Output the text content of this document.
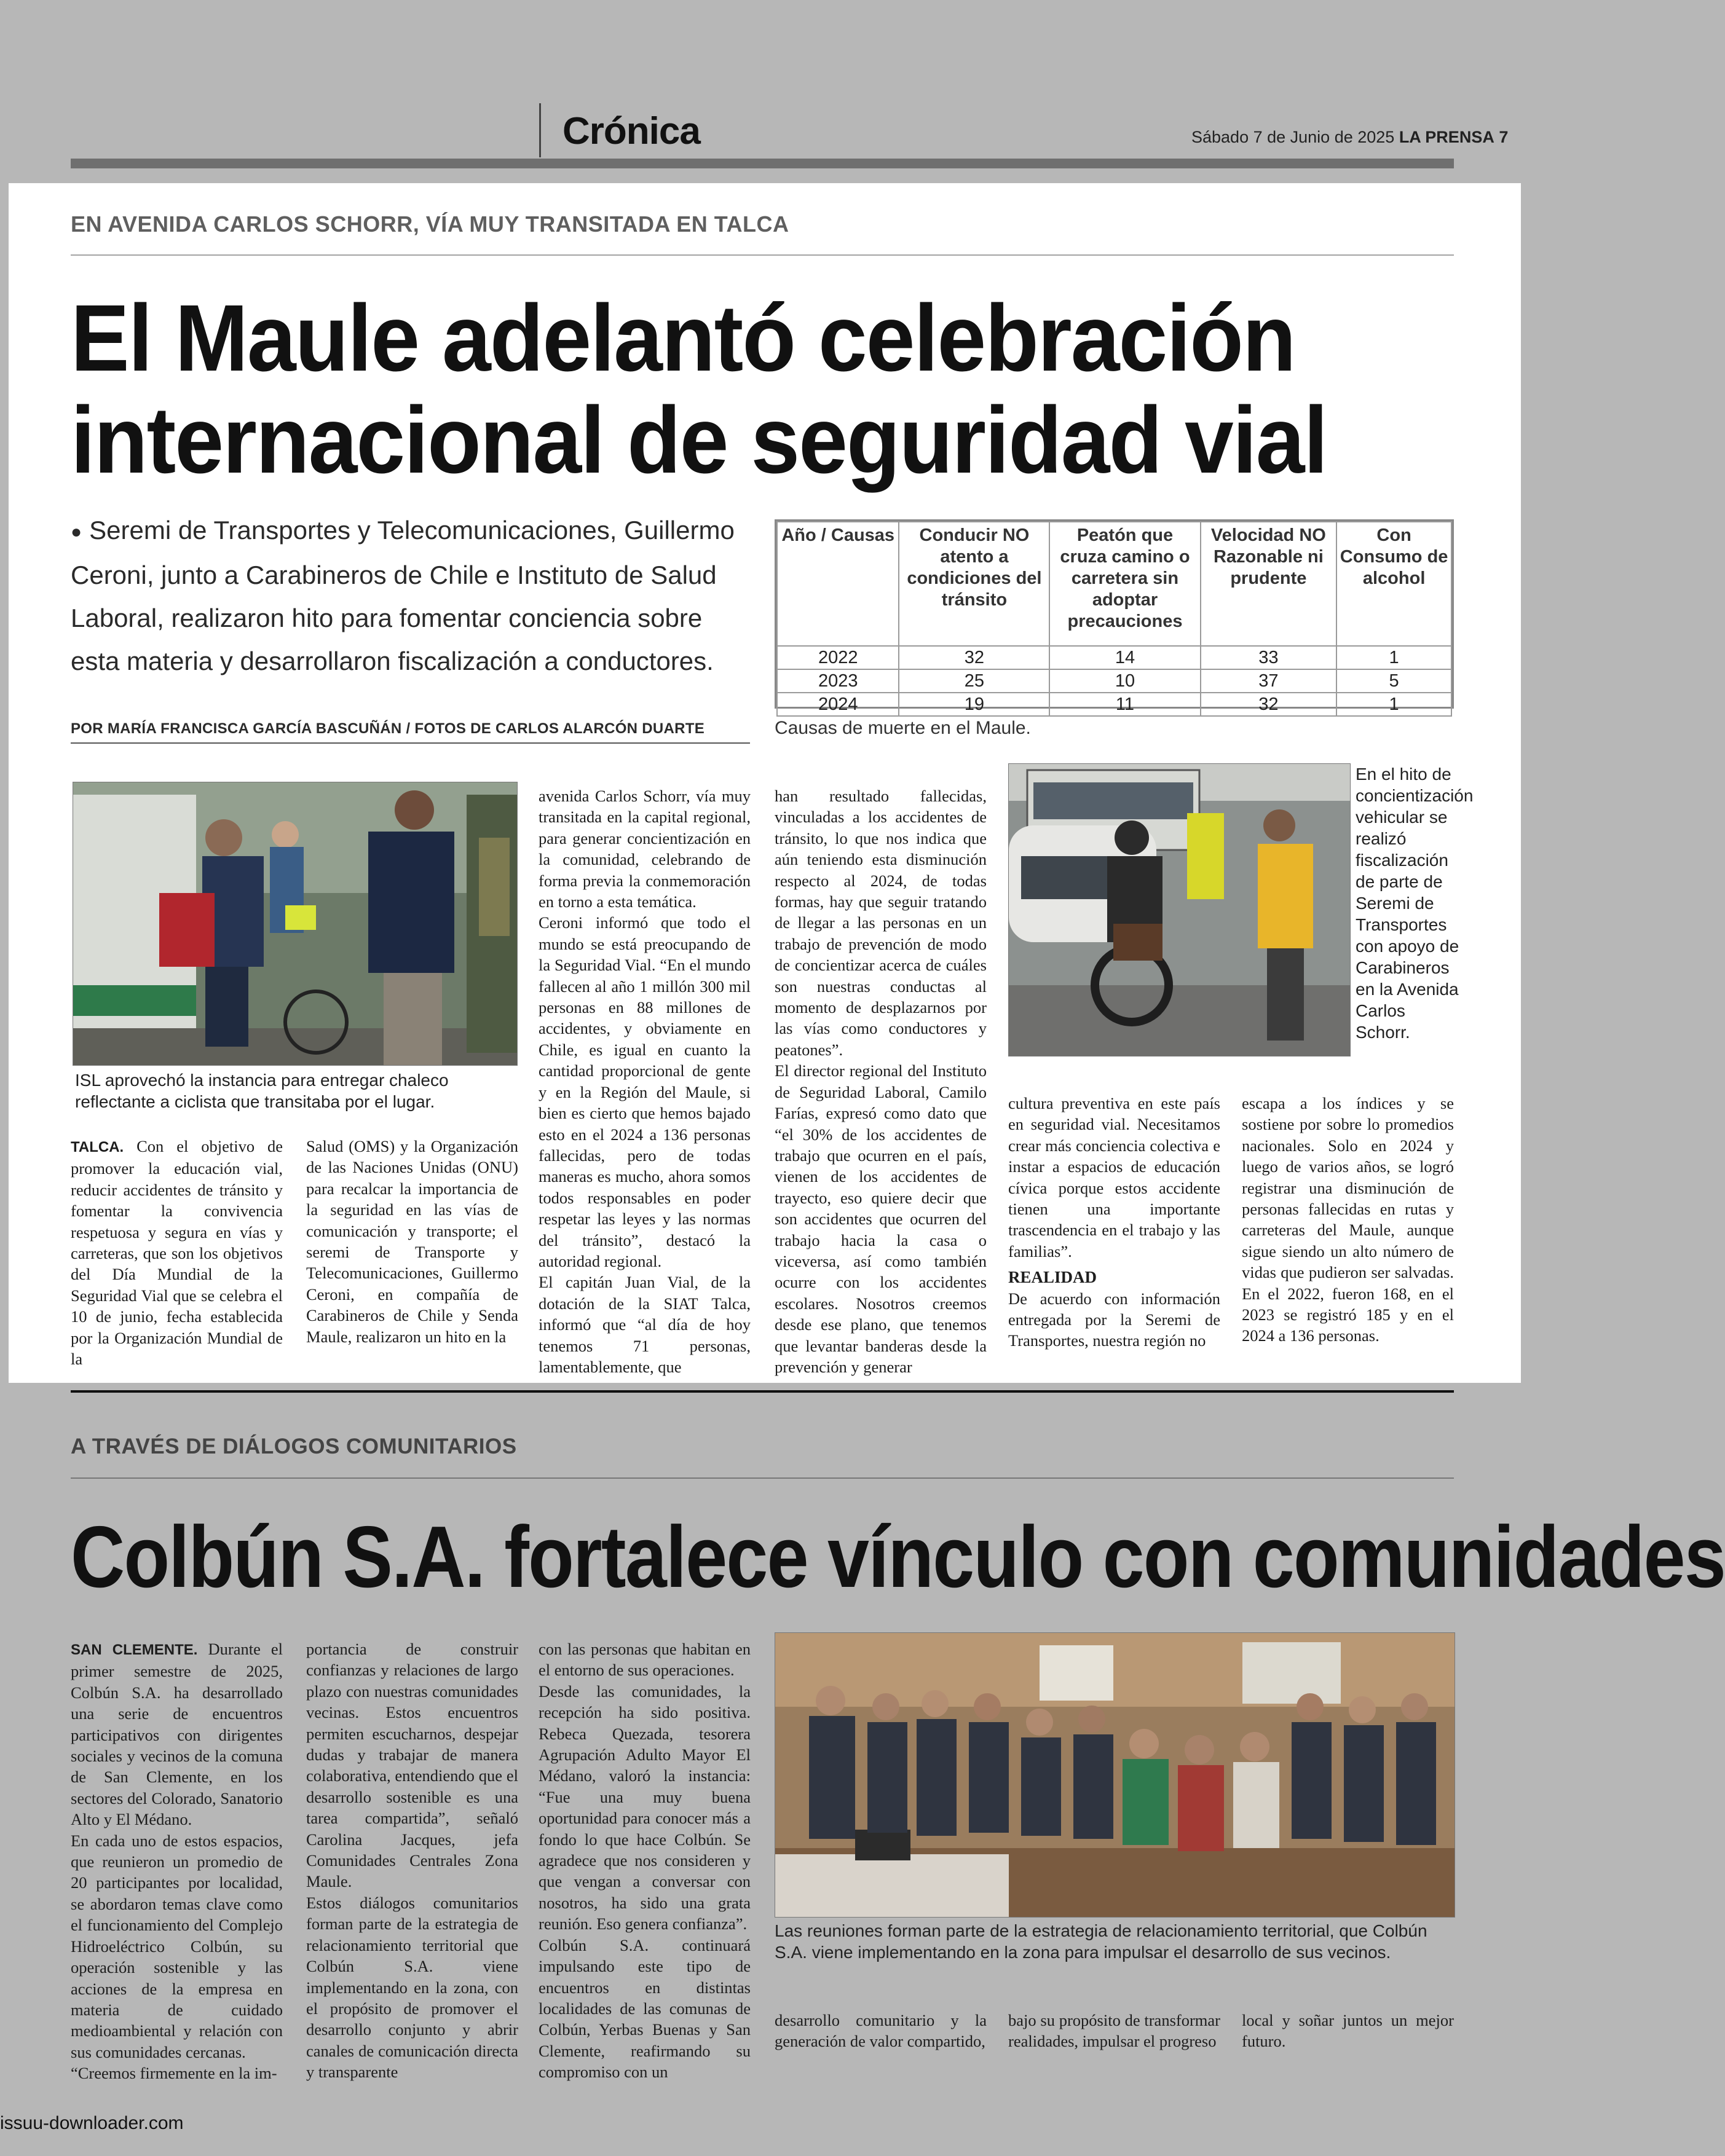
Crónica	Sábado 7 de Junio de 2025 LA PRENSA 7
EN AVENIDA CARLOS SCHORR, VÍA MUY TRANSITADA EN TALCA
El Maule adelantó celebración
internacional de seguridad vial
● Seremi de Transportes y Telecomunicaciones, Guillermo Ceroni, junto a Carabineros de Chile e Instituto de Salud Laboral, realizaron hito para fomentar conciencia sobre esta materia y desarrollaron fiscalización a conductores.
POR MARÍA FRANCISCA GARCÍA BASCUÑÁN / FOTOS DE CARLOS ALARCÓN DUARTE
Año / Causas	Conducir NO atento a condiciones del tránsito	Peatón que cruza camino o carretera sin adoptar precauciones	Velocidad NO Razonable ni prudente	Con Consumo de alcohol
2022	32	14	33	1
2023	25	10	37	5
2024	19	11	32	1
Causas de muerte en el Maule.
ISL aprovechó la instancia para entregar chaleco reflectante a ciclista que transitaba por el lugar.
En el hito de concientización vehicular se realizó fiscalización de parte de Seremi de Transportes con apoyo de Carabineros en la Avenida Carlos Schorr.

TALCA. Con el objetivo de promover la educación vial, reducir accidentes de tránsito y fomentar la convivencia respetuosa y segura en vías y carreteras, que son los objetivos del Día Mundial de la Seguridad Vial que se celebra el 10 de junio, fecha establecida por la Organización Mundial de la

Salud (OMS) y la Organización de las Naciones Unidas (ONU) para recalcar la importancia de la seguridad en las vías de comunicación y transporte; el seremi de Transporte y Telecomunicaciones, Guillermo Ceroni, en compañía de Carabineros de Chile y Senda Maule, realizaron un hito en la

avenida Carlos Schorr, vía muy transitada en la capital regional, para generar concientización en la comunidad, celebrando de forma previa la conmemoración en torno a esta temática.

Ceroni informó que todo el mundo se está preocupando de la Seguridad Vial. “En el mundo fallecen al año 1 millón 300 mil personas en 88 millones de accidentes, y obviamente en Chile, es igual en cuanto la cantidad proporcional de gente y en la Región del Maule, si bien es cierto que hemos bajado esto en el 2024 a 136 personas fallecidas, pero de todas maneras es mucho, ahora somos todos responsables en poder respetar las leyes y las normas del tránsito”, destacó la autoridad regional.

El capitán Juan Vial, de la dotación de la SIAT Talca, informó que “al día de hoy tenemos 71 personas, lamentablemente, que

han resultado fallecidas, vinculadas a los accidentes de tránsito, lo que nos indica que aún teniendo esta disminución respecto al 2024, de todas formas, hay que seguir tratando de llegar a las personas en un trabajo de prevención de modo de concientizar acerca de cuáles son nuestras conductas al momento de desplazarnos por las vías como conductores y peatones”.

El director regional del Instituto de Seguridad Laboral, Camilo Farías, expresó como dato que “el 30% de los accidentes de trabajo que ocurren en el país, vienen de los accidentes de trayecto, eso quiere decir que son accidentes que ocurren del trabajo hacia la casa o viceversa, así como también ocurre con los accidentes escolares. Nosotros creemos desde ese plano, que tenemos que levantar banderas desde la prevención y generar

cultura preventiva en este país en seguridad vial. Necesitamos crear más conciencia colectiva e instar a espacios de educación cívica porque estos accidente tienen una importante trascendencia en el trabajo y las familias”.

REALIDAD

De acuerdo con información entregada por la Seremi de Transportes, nuestra región no

escapa a los índices y se sostiene por sobre lo promedios nacionales. Solo en 2024 y luego de varios años, se logró registrar una disminución de personas fallecidas en rutas y carreteras del Maule, aunque sigue siendo un alto número de vidas que pudieron ser salvadas. En el 2022, fueron 168, en el 2023 se registró 185 y en el 2024 a 136 personas.

A TRAVÉS DE DIÁLOGOS COMUNITARIOS
Colbún S.A. fortalece vínculo con comunidades

SAN CLEMENTE. Durante el primer semestre de 2025, Colbún S.A. ha desarrollado una serie de encuentros participativos con dirigentes sociales y vecinos de la comuna de San Clemente, en los sectores del Colorado, Sanatorio Alto y El Médano.

En cada uno de estos espacios, que reunieron un promedio de 20 participantes por localidad, se abordaron temas clave como el funcionamiento del Complejo Hidroeléctrico Colbún, su operación sostenible y las acciones de la empresa en materia de cuidado medioambiental y relación con sus comunidades cercanas.

“Creemos firmemente en la im-

portancia de construir confianzas y relaciones de largo plazo con nuestras comunidades vecinas. Estos encuentros permiten escucharnos, despejar dudas y trabajar de manera colaborativa, entendiendo que el desarrollo sostenible es una tarea compartida”, señaló Carolina Jacques, jefa Comunidades Centrales Zona Maule.

Estos diálogos comunitarios forman parte de la estrategia de relacionamiento territorial que Colbún S.A. viene implementando en la zona, con el propósito de promover el desarrollo conjunto y abrir canales de comunicación directa y transparente

con las personas que habitan en el entorno de sus operaciones.

Desde las comunidades, la recepción ha sido positiva. Rebeca Quezada, tesorera Agrupación Adulto Mayor El Médano, valoró la instancia: “Fue una muy buena oportunidad para conocer más a fondo lo que hace Colbún. Se agradece que nos consideren y que vengan a conversar con nosotros, ha sido una grata reunión. Eso genera confianza”.

Colbún S.A. continuará impulsando este tipo de encuentros en distintas localidades de las comunas de Colbún, Yerbas Buenas y San Clemente, reafirmando su compromiso con un

Las reuniones forman parte de la estrategia de relacionamiento territorial, que Colbún S.A. viene implementando en la zona para impulsar el desarrollo de sus vecinos.

desarrollo comunitario y la generación de valor compartido,

bajo su propósito de transformar realidades, impulsar el progreso

local y soñar juntos un mejor futuro.

issuu-downloader.com
